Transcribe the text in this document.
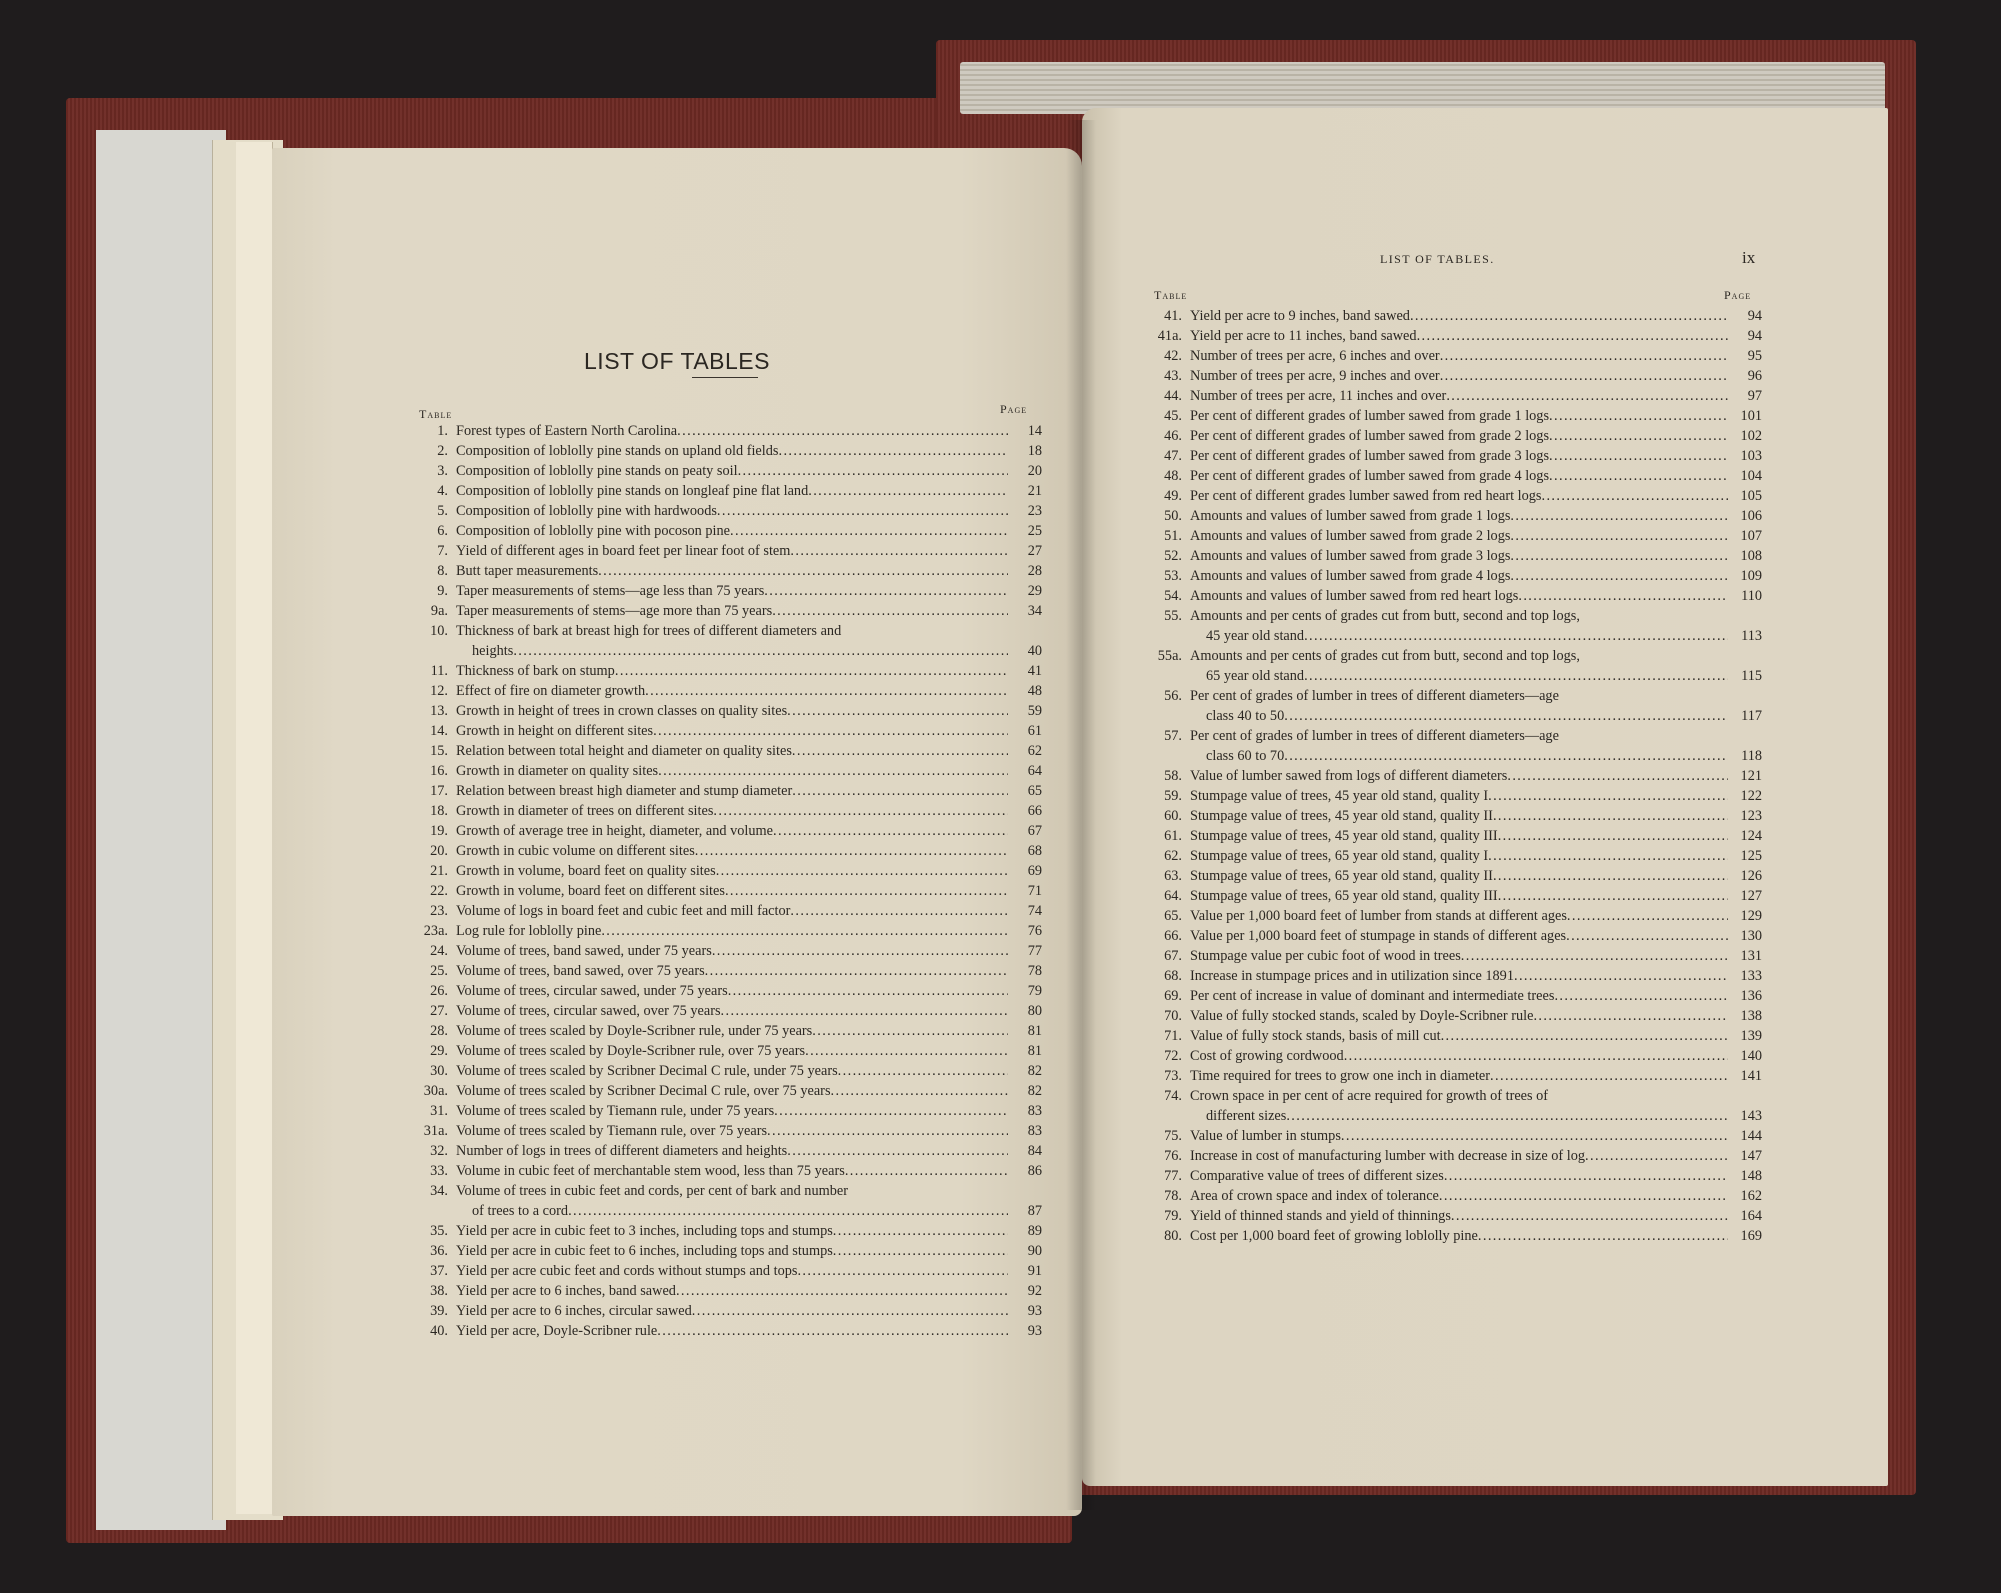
LIST OF TABLES
Table	Page
1. Forest types of Eastern North Carolina .....	14
2. Composition of loblolly pine stands on upland old fields .....	18
3. Composition of loblolly pine stands on peaty soil .....	20
4. Composition of loblolly pine stands on longleaf pine flat land .....	21
5. Composition of loblolly pine with hardwoods .....	23
6. Composition of loblolly pine with pocoson pine .....	25
7. Yield of different ages in board feet per linear foot of stem .....	27
8. Butt taper measurements .....	28
9. Taper measurements of stems—age less than 75 years .....	29
9a. Taper measurements of stems—age more than 75 years .....	34
10. Thickness of bark at breast high for trees of different diameters and
heights .....	40
11. Thickness of bark on stump .....	41
12. Effect of fire on diameter growth .....	48
13. Growth in height of trees in crown classes on quality sites .....	59
14. Growth in height on different sites .....	61
15. Relation between total height and diameter on quality sites .....	62
16. Growth in diameter on quality sites .....	64
17. Relation between breast high diameter and stump diameter .....	65
18. Growth in diameter of trees on different sites .....	66
19. Growth of average tree in height, diameter, and volume .....	67
20. Growth in cubic volume on different sites .....	68
21. Growth in volume, board feet on quality sites .....	69
22. Growth in volume, board feet on different sites .....	71
23. Volume of logs in board feet and cubic feet and mill factor .....	74
23a. Log rule for loblolly pine .....	76
24. Volume of trees, band sawed, under 75 years .....	77
25. Volume of trees, band sawed, over 75 years .....	78
26. Volume of trees, circular sawed, under 75 years .....	79
27. Volume of trees, circular sawed, over 75 years .....	80
28. Volume of trees scaled by Doyle-Scribner rule, under 75 years .....	81
29. Volume of trees scaled by Doyle-Scribner rule, over 75 years .....	81
30. Volume of trees scaled by Scribner Decimal C rule, under 75 years .....	82
30a. Volume of trees scaled by Scribner Decimal C rule, over 75 years .....	82
31. Volume of trees scaled by Tiemann rule, under 75 years .....	83
31a. Volume of trees scaled by Tiemann rule, over 75 years .....	83
32. Number of logs in trees of different diameters and heights .....	84
33. Volume in cubic feet of merchantable stem wood, less than 75 years .....	86
34. Volume of trees in cubic feet and cords, per cent of bark and number
of trees to a cord .....	87
35. Yield per acre in cubic feet to 3 inches, including tops and stumps .....	89
36. Yield per acre in cubic feet to 6 inches, including tops and stumps .....	90
37. Yield per acre cubic feet and cords without stumps and tops .....	91
38. Yield per acre to 6 inches, band sawed .....	92
39. Yield per acre to 6 inches, circular sawed .....	93
40. Yield per acre, Doyle-Scribner rule .....	93
LIST OF TABLES.	ix
Table	Page
41. Yield per acre to 9 inches, band sawed .....	94
41a. Yield per acre to 11 inches, band sawed .....	94
42. Number of trees per acre, 6 inches and over .....	95
43. Number of trees per acre, 9 inches and over .....	96
44. Number of trees per acre, 11 inches and over .....	97
45. Per cent of different grades of lumber sawed from grade 1 logs .....	101
46. Per cent of different grades of lumber sawed from grade 2 logs .....	102
47. Per cent of different grades of lumber sawed from grade 3 logs .....	103
48. Per cent of different grades of lumber sawed from grade 4 logs .....	104
49. Per cent of different grades lumber sawed from red heart logs .....	105
50. Amounts and values of lumber sawed from grade 1 logs .....	106
51. Amounts and values of lumber sawed from grade 2 logs .....	107
52. Amounts and values of lumber sawed from grade 3 logs .....	108
53. Amounts and values of lumber sawed from grade 4 logs .....	109
54. Amounts and values of lumber sawed from red heart logs .....	110
55. Amounts and per cents of grades cut from butt, second and top logs,
45 year old stand .....	113
55a. Amounts and per cents of grades cut from butt, second and top logs,
65 year old stand .....	115
56. Per cent of grades of lumber in trees of different diameters—age
class 40 to 50 .....	117
57. Per cent of grades of lumber in trees of different diameters—age
class 60 to 70 .....	118
58. Value of lumber sawed from logs of different diameters .....	121
59. Stumpage value of trees, 45 year old stand, quality I .....	122
60. Stumpage value of trees, 45 year old stand, quality II .....	123
61. Stumpage value of trees, 45 year old stand, quality III .....	124
62. Stumpage value of trees, 65 year old stand, quality I .....	125
63. Stumpage value of trees, 65 year old stand, quality II .....	126
64. Stumpage value of trees, 65 year old stand, quality III .....	127
65. Value per 1,000 board feet of lumber from stands at different ages .....	129
66. Value per 1,000 board feet of stumpage in stands of different ages .....	130
67. Stumpage value per cubic foot of wood in trees .....	131
68. Increase in stumpage prices and in utilization since 1891 .....	133
69. Per cent of increase in value of dominant and intermediate trees .....	136
70. Value of fully stocked stands, scaled by Doyle-Scribner rule .....	138
71. Value of fully stock stands, basis of mill cut .....	139
72. Cost of growing cordwood .....	140
73. Time required for trees to grow one inch in diameter .....	141
74. Crown space in per cent of acre required for growth of trees of
different sizes .....	143
75. Value of lumber in stumps .....	144
76. Increase in cost of manufacturing lumber with decrease in size of log .....	147
77. Comparative value of trees of different sizes .....	148
78. Area of crown space and index of tolerance .....	162
79. Yield of thinned stands and yield of thinnings .....	164
80. Cost per 1,000 board feet of growing loblolly pine .....	169
